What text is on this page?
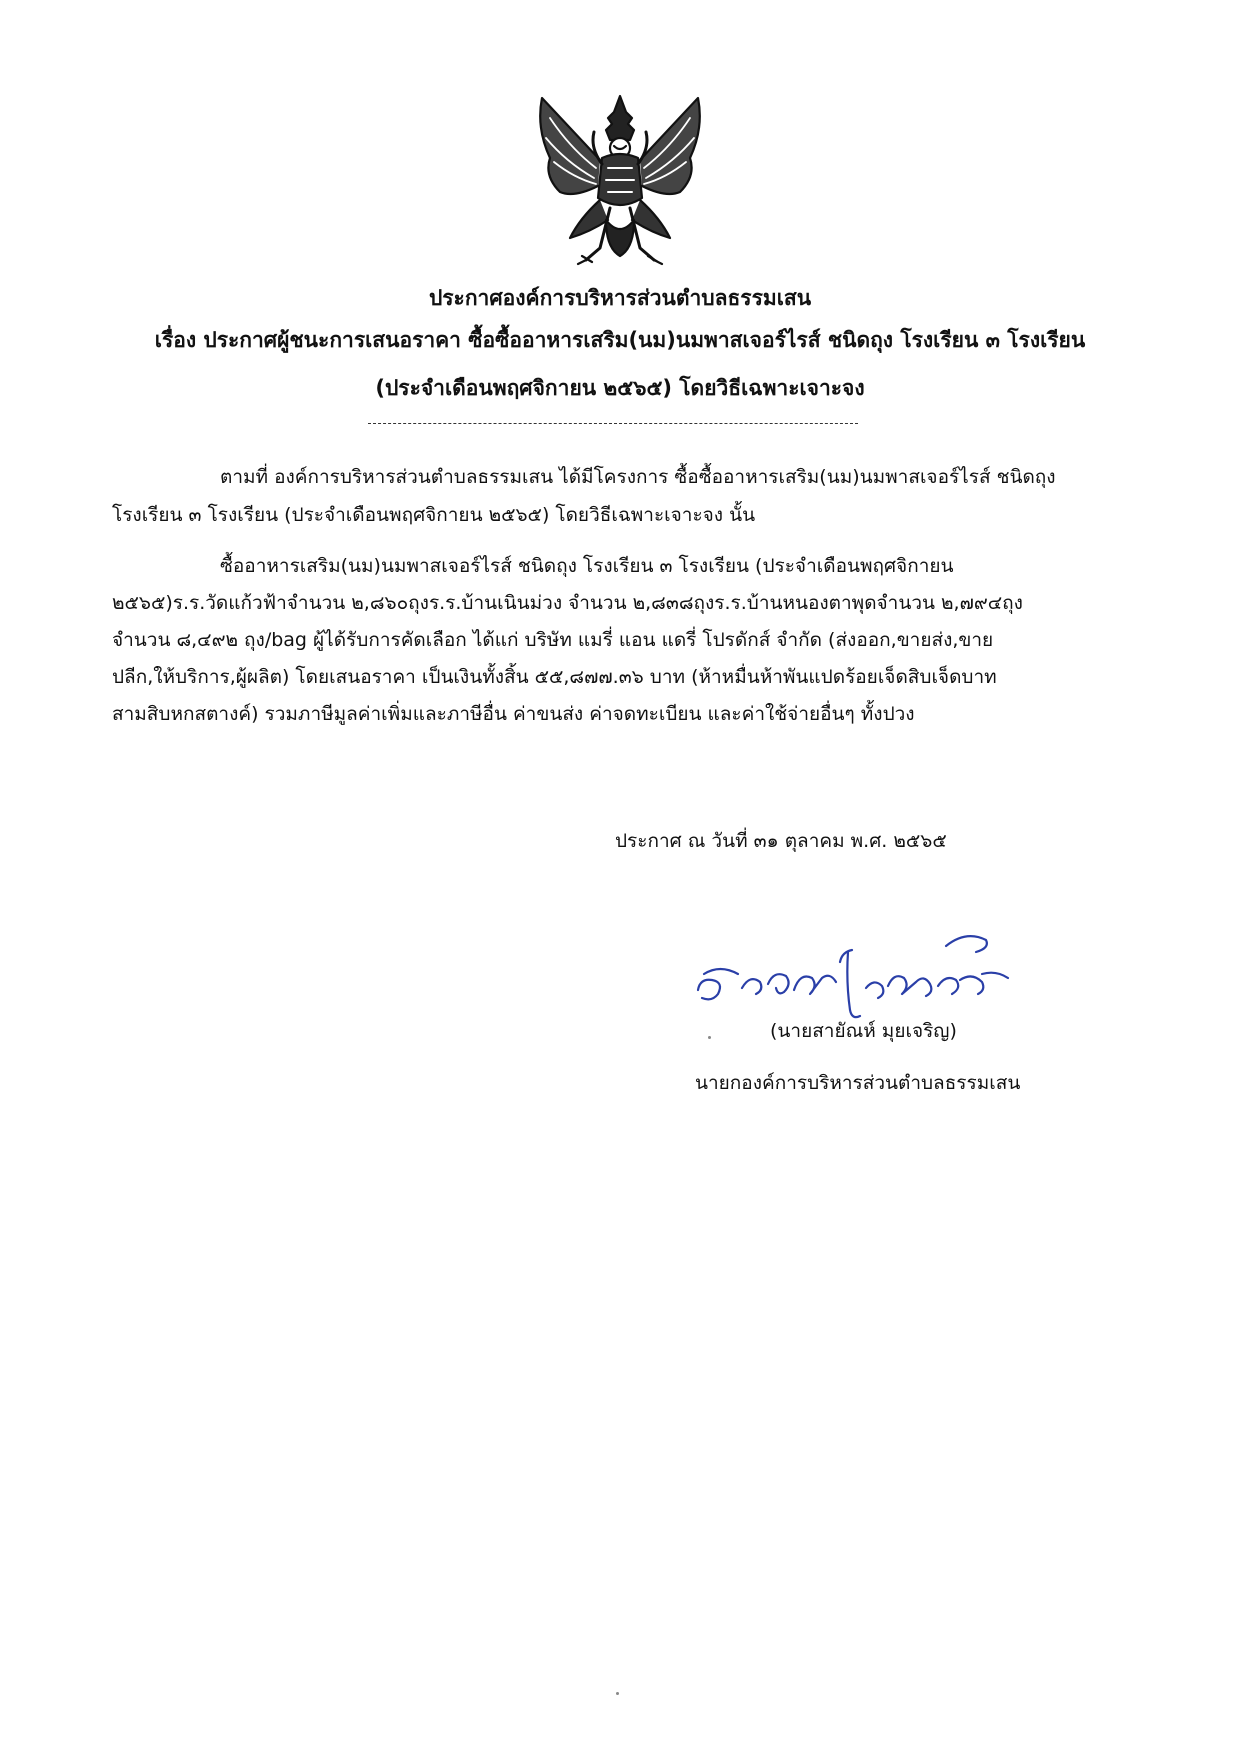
ประกาศองค์การบริหารส่วนตำบลธรรมเสน
เรื่อง ประกาศผู้ชนะการเสนอราคา ซื้อซื้ออาหารเสริม(นม)นมพาสเจอร์ไรส์ ชนิดถุง โรงเรียน ๓ โรงเรียน
(ประจำเดือนพฤศจิกายน ๒๕๖๕) โดยวิธีเฉพาะเจาะจง
ตามที่ องค์การบริหารส่วนตำบลธรรมเสน ได้มีโครงการ ซื้อซื้ออาหารเสริม(นม)นมพาสเจอร์ไรส์ ชนิดถุง
โรงเรียน ๓ โรงเรียน (ประจำเดือนพฤศจิกายน ๒๕๖๕) โดยวิธีเฉพาะเจาะจง นั้น
ซื้ออาหารเสริม(นม)นมพาสเจอร์ไรส์ ชนิดถุง โรงเรียน ๓ โรงเรียน (ประจำเดือนพฤศจิกายน
๒๕๖๕)ร.ร.วัดแก้วฟ้าจำนวน ๒,๘๖๐ถุงร.ร.บ้านเนินม่วง จำนวน ๒,๘๓๘ถุงร.ร.บ้านหนองตาพุดจำนวน ๒,๗๙๔ถุง
จำนวน ๘,๔๙๒ ถุง/bag ผู้ได้รับการคัดเลือก ได้แก่ บริษัท แมรี่ แอน แดรี่ โปรดักส์ จำกัด (ส่งออก,ขายส่ง,ขาย
ปลีก,ให้บริการ,ผู้ผลิต) โดยเสนอราคา เป็นเงินทั้งสิ้น ๕๕,๘๗๗.๓๖ บาท (ห้าหมื่นห้าพันแปดร้อยเจ็ดสิบเจ็ดบาท
สามสิบหกสตางค์) รวมภาษีมูลค่าเพิ่มและภาษีอื่น ค่าขนส่ง ค่าจดทะเบียน และค่าใช้จ่ายอื่นๆ ทั้งปวง
ประกาศ ณ วันที่ ๓๑ ตุลาคม พ.ศ. ๒๕๖๕
(นายสายัณห์ มุยเจริญ)
นายกองค์การบริหารส่วนตำบลธรรมเสน
